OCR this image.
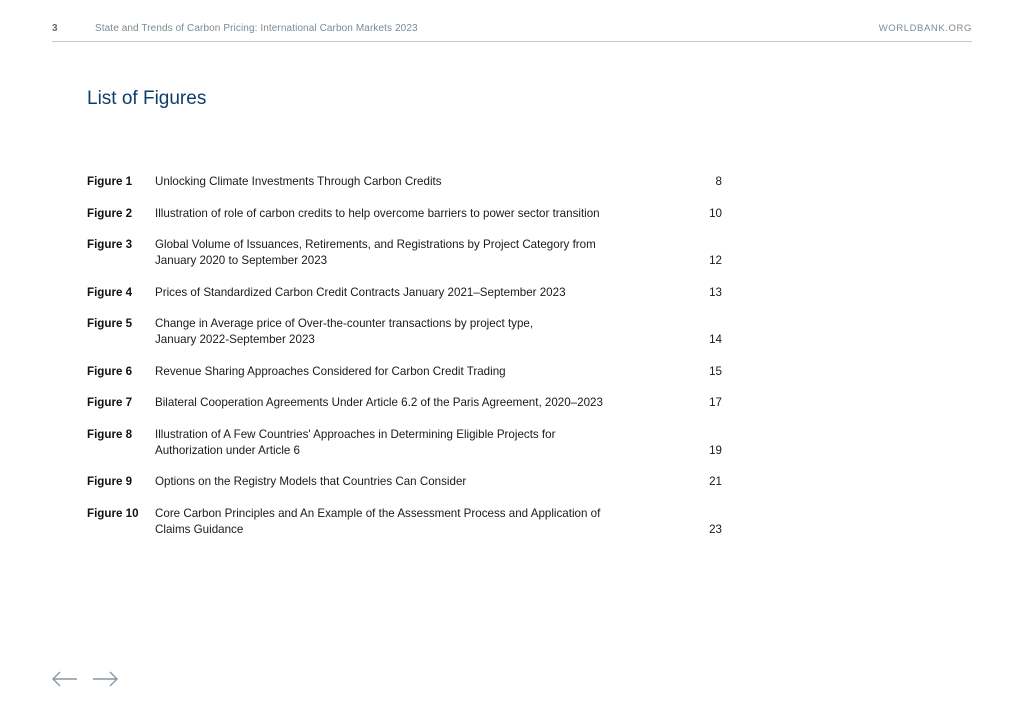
3	State and Trends of Carbon Pricing: International Carbon Markets 2023	WORLDBANK.ORG
List of Figures
Figure 1	Unlocking Climate Investments Through Carbon Credits	8
Figure 2	Illustration of role of carbon credits to help overcome barriers to power sector transition	10
Figure 3	Global Volume of Issuances, Retirements, and Registrations by Project Category from January 2020 to September 2023	12
Figure 4	Prices of Standardized Carbon Credit Contracts January 2021–September 2023	13
Figure 5	Change in Average price of Over-the-counter transactions by project type, January 2022-September 2023	14
Figure 6	Revenue Sharing Approaches Considered for Carbon Credit Trading	15
Figure 7	Bilateral Cooperation Agreements Under Article 6.2 of the Paris Agreement, 2020–2023	17
Figure 8	Illustration of A Few Countries' Approaches in Determining Eligible Projects for Authorization under Article 6	19
Figure 9	Options on the Registry Models that Countries Can Consider	21
Figure 10	Core Carbon Principles and An Example of the Assessment Process and Application of Claims Guidance	23
